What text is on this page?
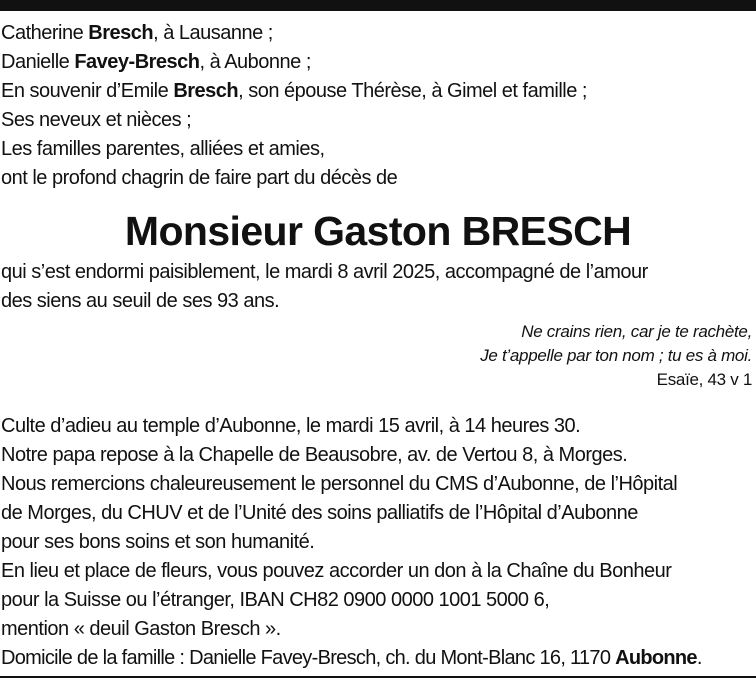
Catherine Bresch, à Lausanne ;
Danielle Favey-Bresch, à Aubonne ;
En souvenir d’Emile Bresch, son épouse Thérèse, à Gimel et famille ;
Ses neveux et nièces ;
Les familles parentes, alliées et amies,
ont le profond chagrin de faire part du décès de
Monsieur Gaston BRESCH
qui s’est endormi paisiblement, le mardi 8 avril 2025, accompagné de l’amour
des siens au seuil de ses 93 ans.
Ne crains rien, car je te rachète,
Je t’appelle par ton nom ; tu es à moi.
Esaïe, 43 v 1
Culte d’adieu au temple d’Aubonne, le mardi 15 avril, à 14 heures 30.
Notre papa repose à la Chapelle de Beausobre, av. de Vertou 8, à Morges.
Nous remercions chaleureusement le personnel du CMS d’Aubonne, de l’Hôpital
de Morges, du CHUV et de l’Unité des soins palliatifs de l’Hôpital d’Aubonne
pour ses bons soins et son humanité.
En lieu et place de fleurs, vous pouvez accorder un don à la Chaîne du Bonheur
pour la Suisse ou l’étranger, IBAN CH82 0900 0000 1001 5000 6,
mention « deuil Gaston Bresch ».
Domicile de la famille : Danielle Favey-Bresch, ch. du Mont-Blanc 16, 1170 Aubonne.
